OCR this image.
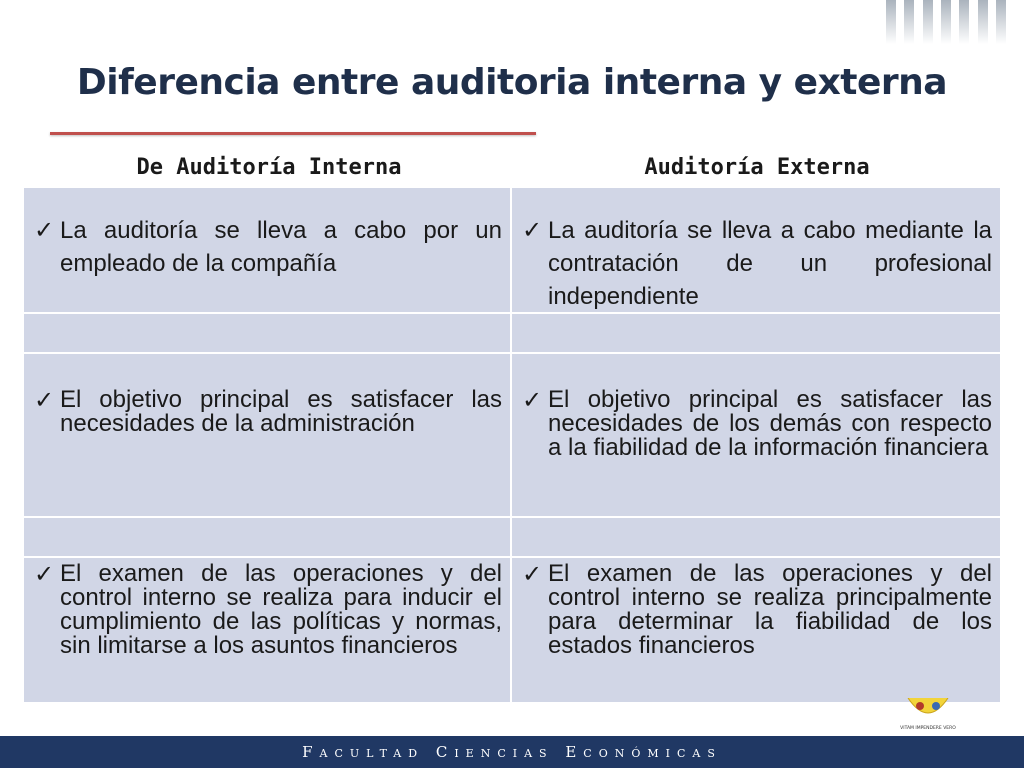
Diferencia entre auditoria interna y externa
De Auditoría Interna	Auditoría Externa
✓ La auditoría se lleva a cabo por un empleado de la compañía
✓ La auditoría se lleva a cabo mediante la contratación de un profesional independiente
✓ El objetivo principal es satisfacer las necesidades de la administración
✓ El objetivo principal es satisfacer las necesidades de los demás con respecto a la fiabilidad de la información financiera
✓ El examen de las operaciones y del control interno se realiza para inducir el cumplimiento de las políticas y normas, sin limitarse a los asuntos financieros
✓ El examen de las operaciones y del control interno se realiza principalmente para determinar la fiabilidad de los estados financieros
VITAM IMPENDERE VERO
Facultad Ciencias Económicas
